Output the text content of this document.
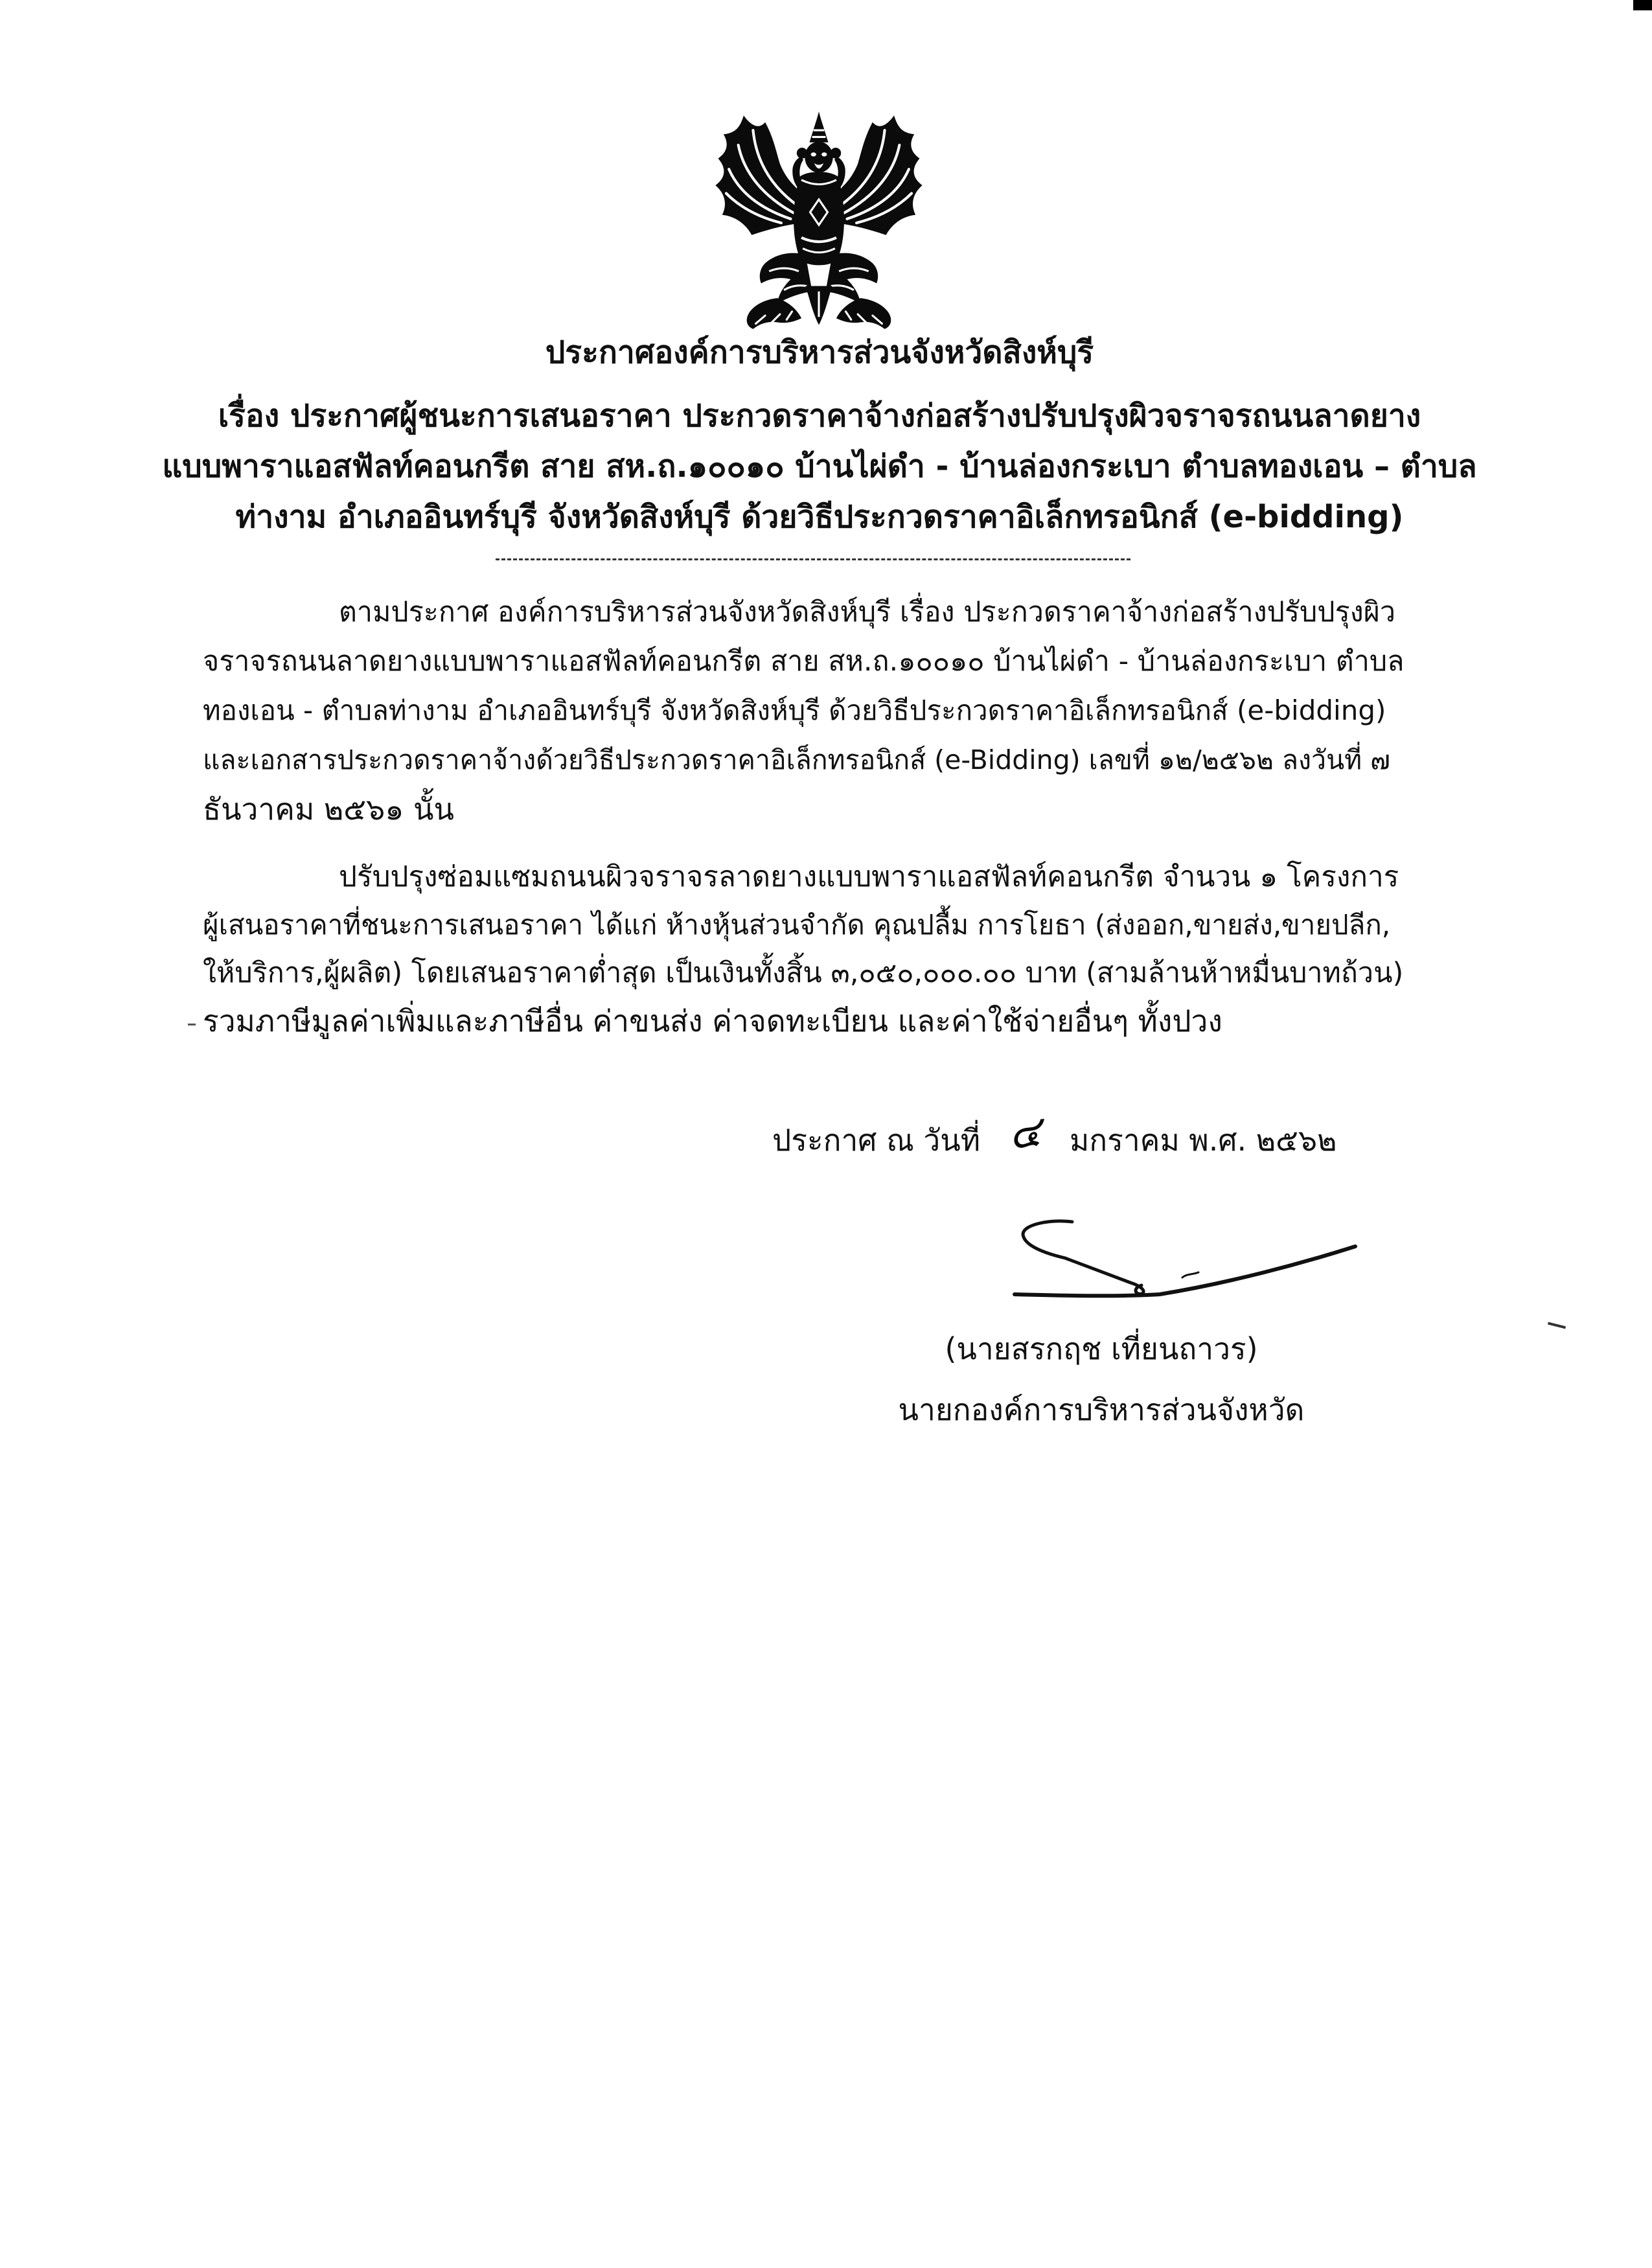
ประกาศองค์การบริหารส่วนจังหวัดสิงห์บุรี
เรื่อง ประกาศผู้ชนะการเสนอราคา ประกวดราคาจ้างก่อสร้างปรับปรุงผิวจราจรถนนลาดยาง
แบบพาราแอสฟัลท์คอนกรีต สาย สห.ถ.๑๐๐๑๐ บ้านไผ่ดำ - บ้านล่องกระเบา ตำบลทองเอน – ตำบล
ท่างาม อำเภออินทร์บุรี จังหวัดสิงห์บุรี ด้วยวิธีประกวดราคาอิเล็กทรอนิกส์ (e-bidding)
ตามประกาศ องค์การบริหารส่วนจังหวัดสิงห์บุรี เรื่อง ประกวดราคาจ้างก่อสร้างปรับปรุงผิว
จราจรถนนลาดยางแบบพาราแอสฟัลท์คอนกรีต สาย สห.ถ.๑๐๐๑๐ บ้านไผ่ดำ - บ้านล่องกระเบา ตำบล
ทองเอน - ตำบลท่างาม อำเภออินทร์บุรี จังหวัดสิงห์บุรี ด้วยวิธีประกวดราคาอิเล็กทรอนิกส์ (e-bidding)
และเอกสารประกวดราคาจ้างด้วยวิธีประกวดราคาอิเล็กทรอนิกส์ (e-Bidding) เลขที่ ๑๒/๒๕๖๒ ลงวันที่ ๗
ธันวาคม ๒๕๖๑ นั้น
ปรับปรุงซ่อมแซมถนนผิวจราจรลาดยางแบบพาราแอสฟัลท์คอนกรีต จำนวน ๑ โครงการ
ผู้เสนอราคาที่ชนะการเสนอราคา ได้แก่ ห้างหุ้นส่วนจำกัด คุณปลื้ม การโยธา (ส่งออก,ขายส่ง,ขายปลีก,
ให้บริการ,ผู้ผลิต) โดยเสนอราคาต่ำสุด เป็นเงินทั้งสิ้น ๓,๐๕๐,๐๐๐.๐๐ บาท (สามล้านห้าหมื่นบาทถ้วน)
รวมภาษีมูลค่าเพิ่มและภาษีอื่น ค่าขนส่ง ค่าจดทะเบียน และค่าใช้จ่ายอื่นๆ ทั้งปวง
ประกาศ ณ วันที่ ๔ มกราคม พ.ศ. ๒๕๖๒
(นายสรกฤช เที่ยนถาวร)
นายกองค์การบริหารส่วนจังหวัด
